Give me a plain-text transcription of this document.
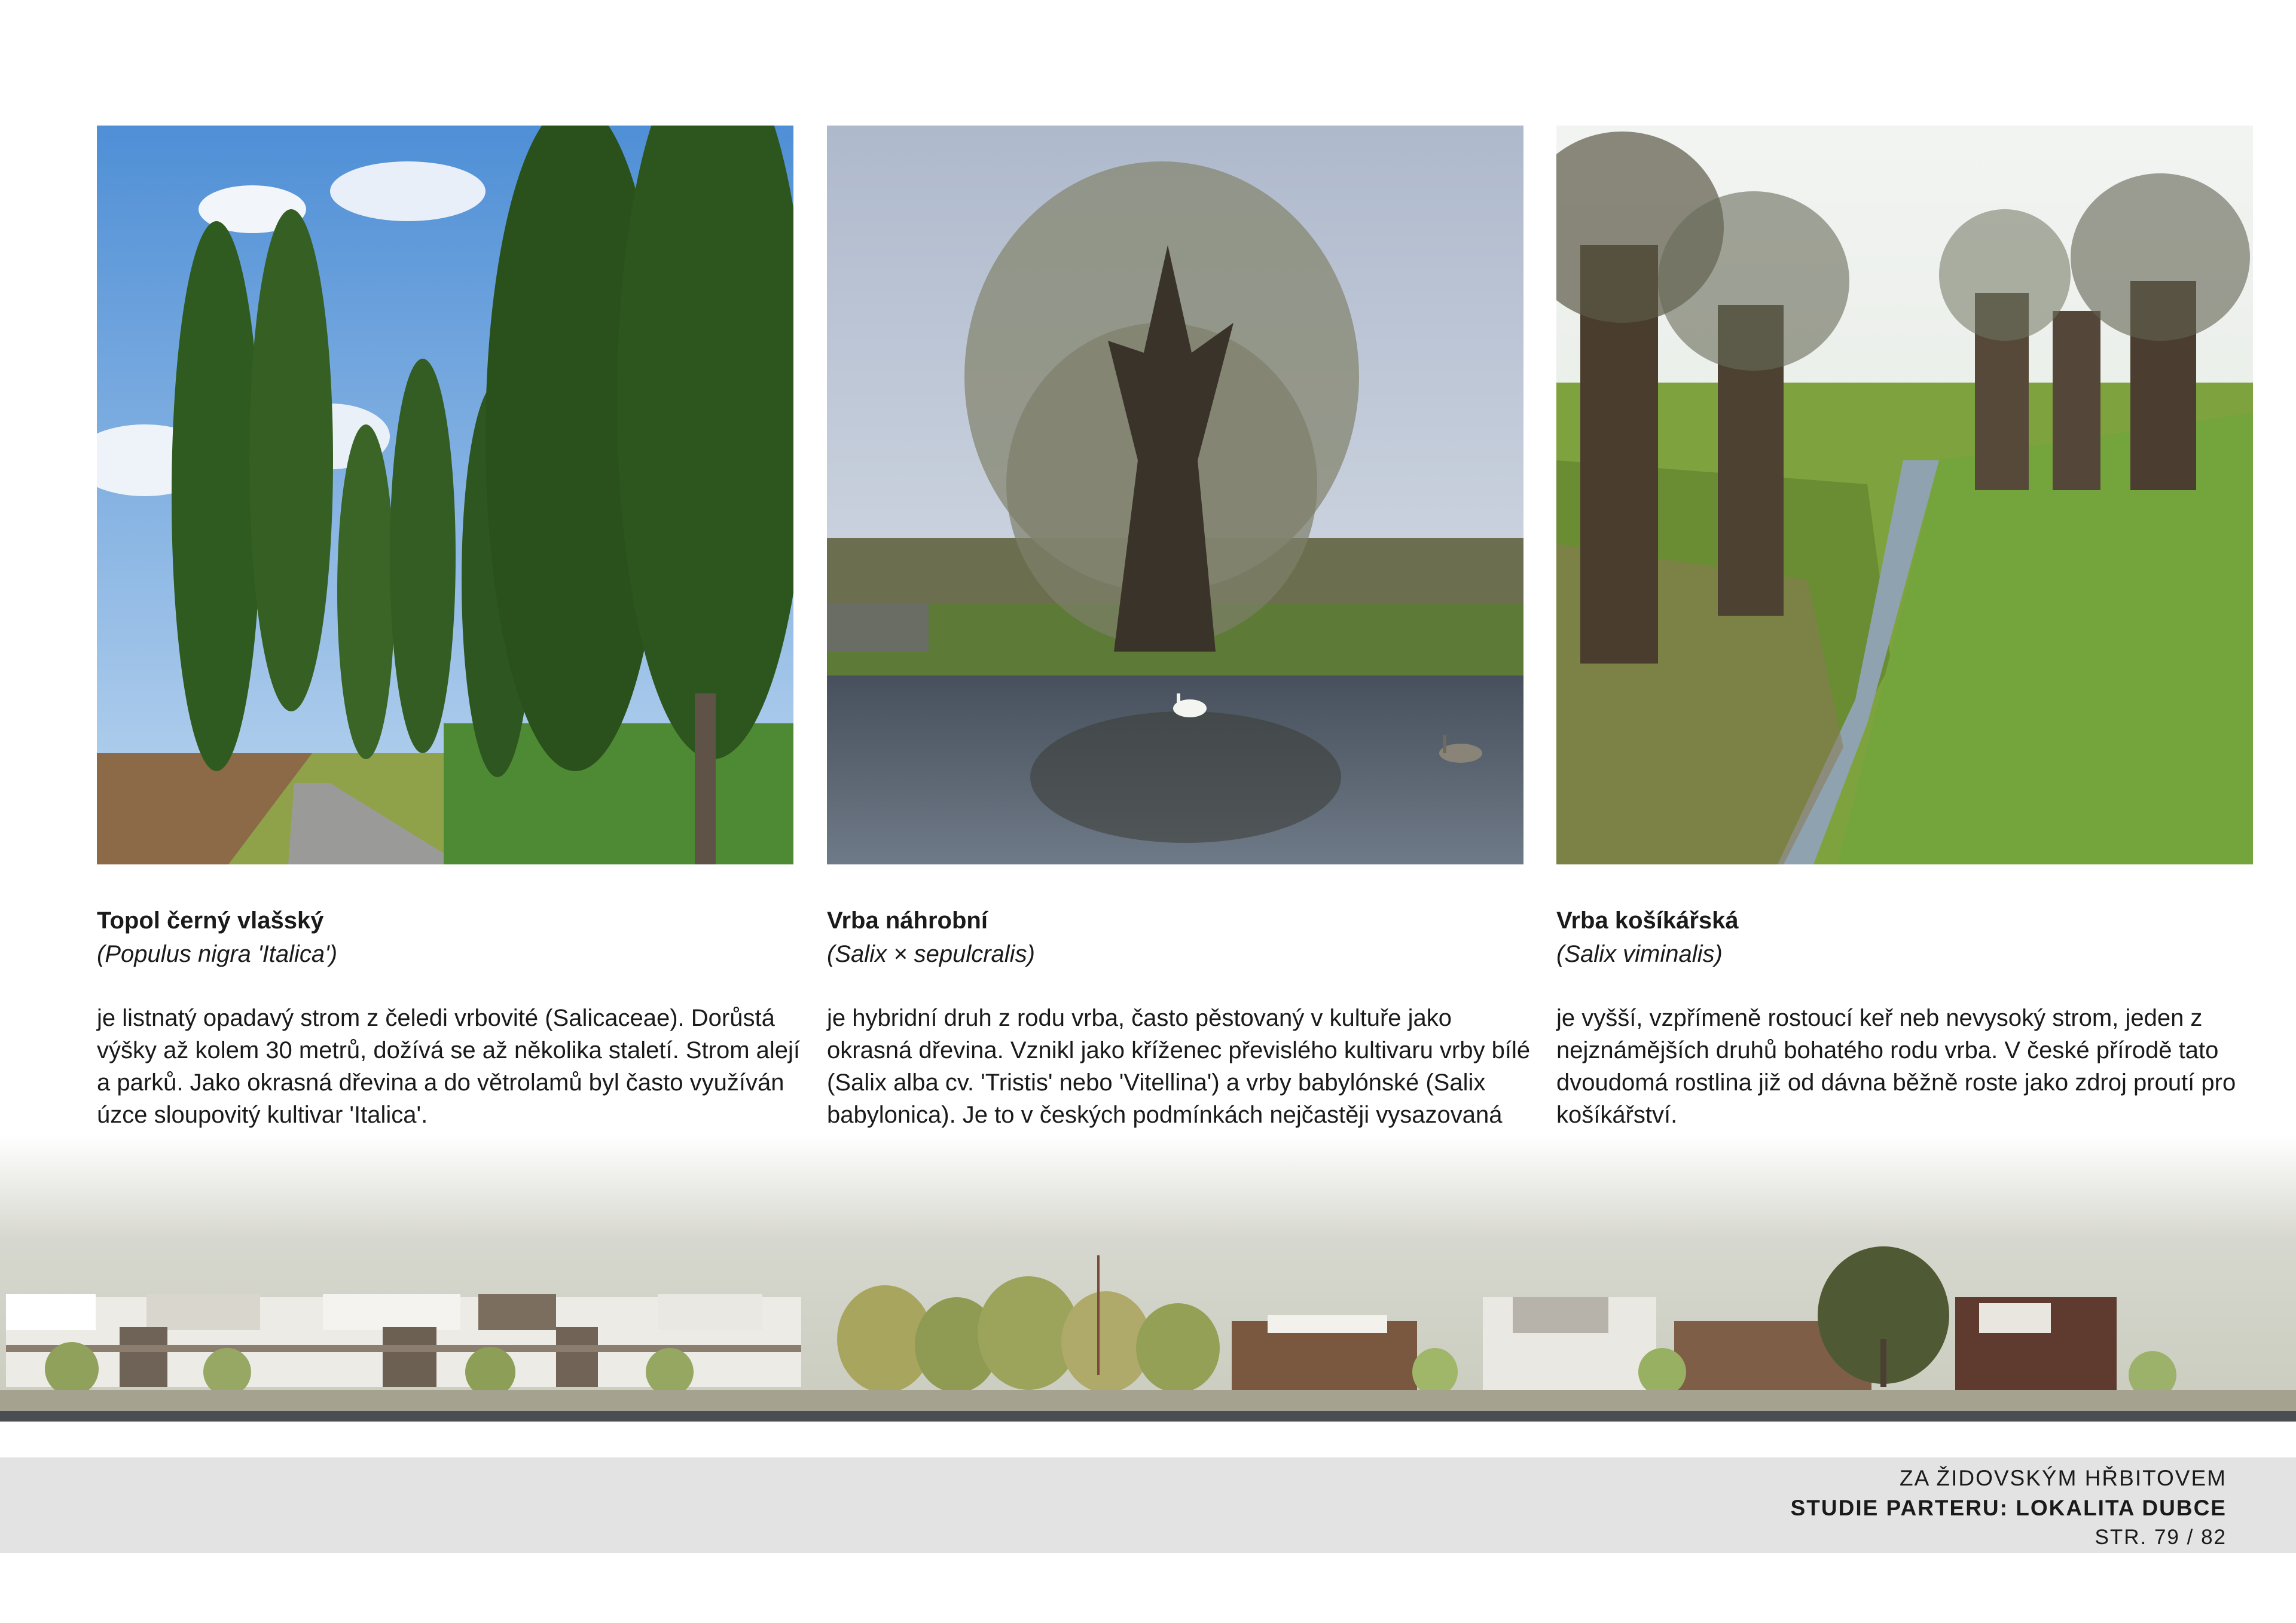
Topol černý vlašský
(Populus nigra 'Italica')
je listnatý opadavý strom z čeledi vrbovité (Salicaceae). Dorůstá výšky až kolem 30 metrů, dožívá se až několika staletí. Strom alejí a parků. Jako okrasná dřevina a do větrolamů byl často využíván úzce sloupovitý kultivar 'Italica'.
Vrba náhrobní
(Salix × sepulcralis)
je hybridní druh z rodu vrba, často pěstovaný v kultuře jako okrasná dřevina. Vznikl jako kříženec převislého kultivaru vrby bílé (Salix alba cv. 'Tristis' nebo 'Vitellina') a vrby babylónské (Salix babylonica). Je to v českých podmínkách nejčastěji vysazovaná
Vrba košíkářská
(Salix viminalis)
je vyšší, vzpřímeně rostoucí keř neb nevysoký strom, jeden z nejznámějších druhů bohatého rodu vrba. V české přírodě tato dvoudomá rostlina již od dávna běžně roste jako zdroj proutí pro košíkářství.
ZA ŽIDOVSKÝM HŘBITOVEM
STUDIE PARTERU: LOKALITA DUBCE
STR. 79 / 82
